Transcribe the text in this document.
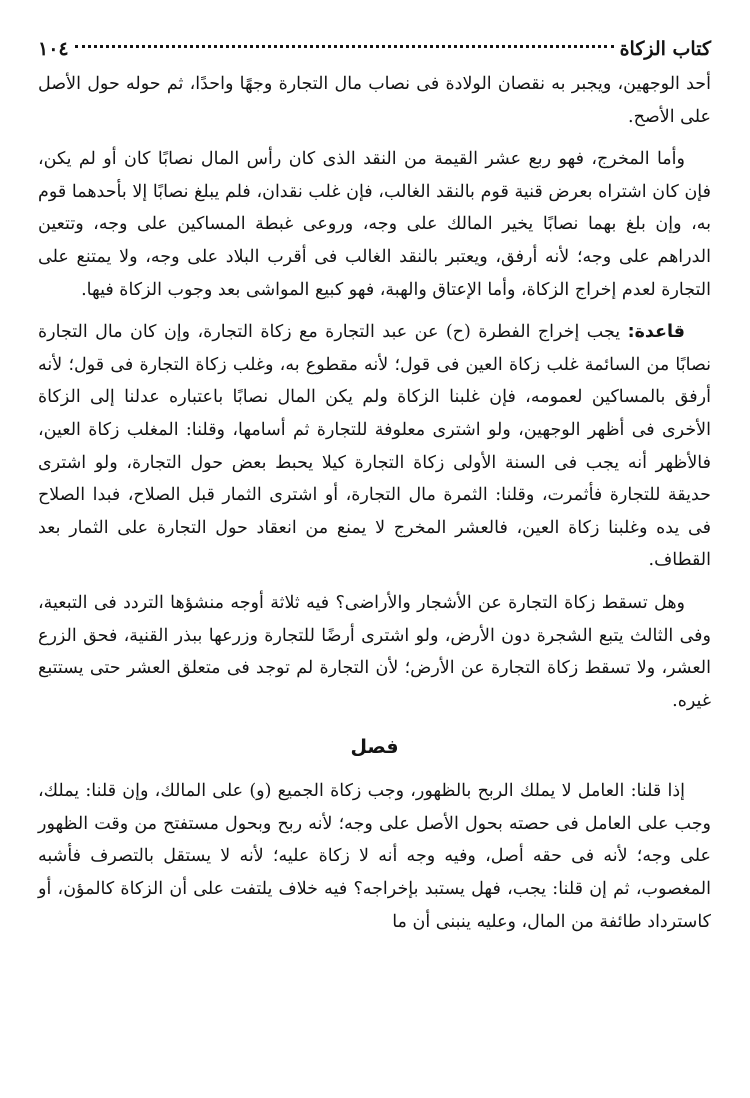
كتاب الزكاة
١٠٤

أحد الوجهين، ويجبر به نقصان الولادة فى نصاب مال التجارة وجهًا واحدًا، ثم حوله حول الأصل على الأصح.

وأما المخرج، فهو ربع عشر القيمة من النقد الذى كان رأس المال نصابًا كان أو لم يكن، فإن كان اشتراه بعرض قنية قوم بالنقد الغالب، فإن غلب نقدان، فلم يبلغ نصابًا إلا بأحدهما قوم به، وإن بلغ بهما نصابًا يخير المالك على وجه، وروعى غبطة المساكين على وجه، وتتعين الدراهم على وجه؛ لأنه أرفق، ويعتبر بالنقد الغالب فى أقرب البلاد على وجه، ولا يمتنع على التجارة لعدم إخراج الزكاة، وأما الإعتاق والهبة، فهو كبيع المواشى بعد وجوب الزكاة فيها.

قاعدة: يجب إخراج الفطرة (ح) عن عبد التجارة مع زكاة التجارة، وإن كان مال التجارة نصابًا من السائمة غلب زكاة العين فى قول؛ لأنه مقطوع به، وغلب زكاة التجارة فى قول؛ لأنه أرفق بالمساكين لعمومه، فإن غلبنا الزكاة ولم يكن المال نصابًا باعتباره عدلنا إلى الزكاة الأخرى فى أظهر الوجهين، ولو اشترى معلوفة للتجارة ثم أسامها، وقلنا: المغلب زكاة العين، فالأظهر أنه يجب فى السنة الأولى زكاة التجارة كيلا يحبط بعض حول التجارة، ولو اشترى حديقة للتجارة فأثمرت، وقلنا: الثمرة مال التجارة، أو اشترى الثمار قبل الصلاح، فبدا الصلاح فى يده وغلبنا زكاة العين، فالعشر المخرج لا يمنع من انعقاد حول التجارة على الثمار بعد القطاف.

وهل تسقط زكاة التجارة عن الأشجار والأراضى؟ فيه ثلاثة أوجه منشؤها التردد فى التبعية، وفى الثالث يتبع الشجرة دون الأرض، ولو اشترى أرضًا للتجارة وزرعها ببذر القنية، فحق الزرع العشر، ولا تسقط زكاة التجارة عن الأرض؛ لأن التجارة لم توجد فى متعلق العشر حتى يستتبع غيره.

فصل

إذا قلنا: العامل لا يملك الربح بالظهور، وجب زكاة الجميع (و) على المالك، وإن قلنا: يملك، وجب على العامل فى حصته بحول الأصل على وجه؛ لأنه ربح وبحول مستفتح من وقت الظهور على وجه؛ لأنه فى حقه أصل، وفيه وجه أنه لا زكاة عليه؛ لأنه لا يستقل بالتصرف فأشبه المغصوب، ثم إن قلنا: يجب، فهل يستبد بإخراجه؟ فيه خلاف يلتفت على أن الزكاة كالمؤن، أو كاسترداد طائفة من المال، وعليه ينبنى أن ما
